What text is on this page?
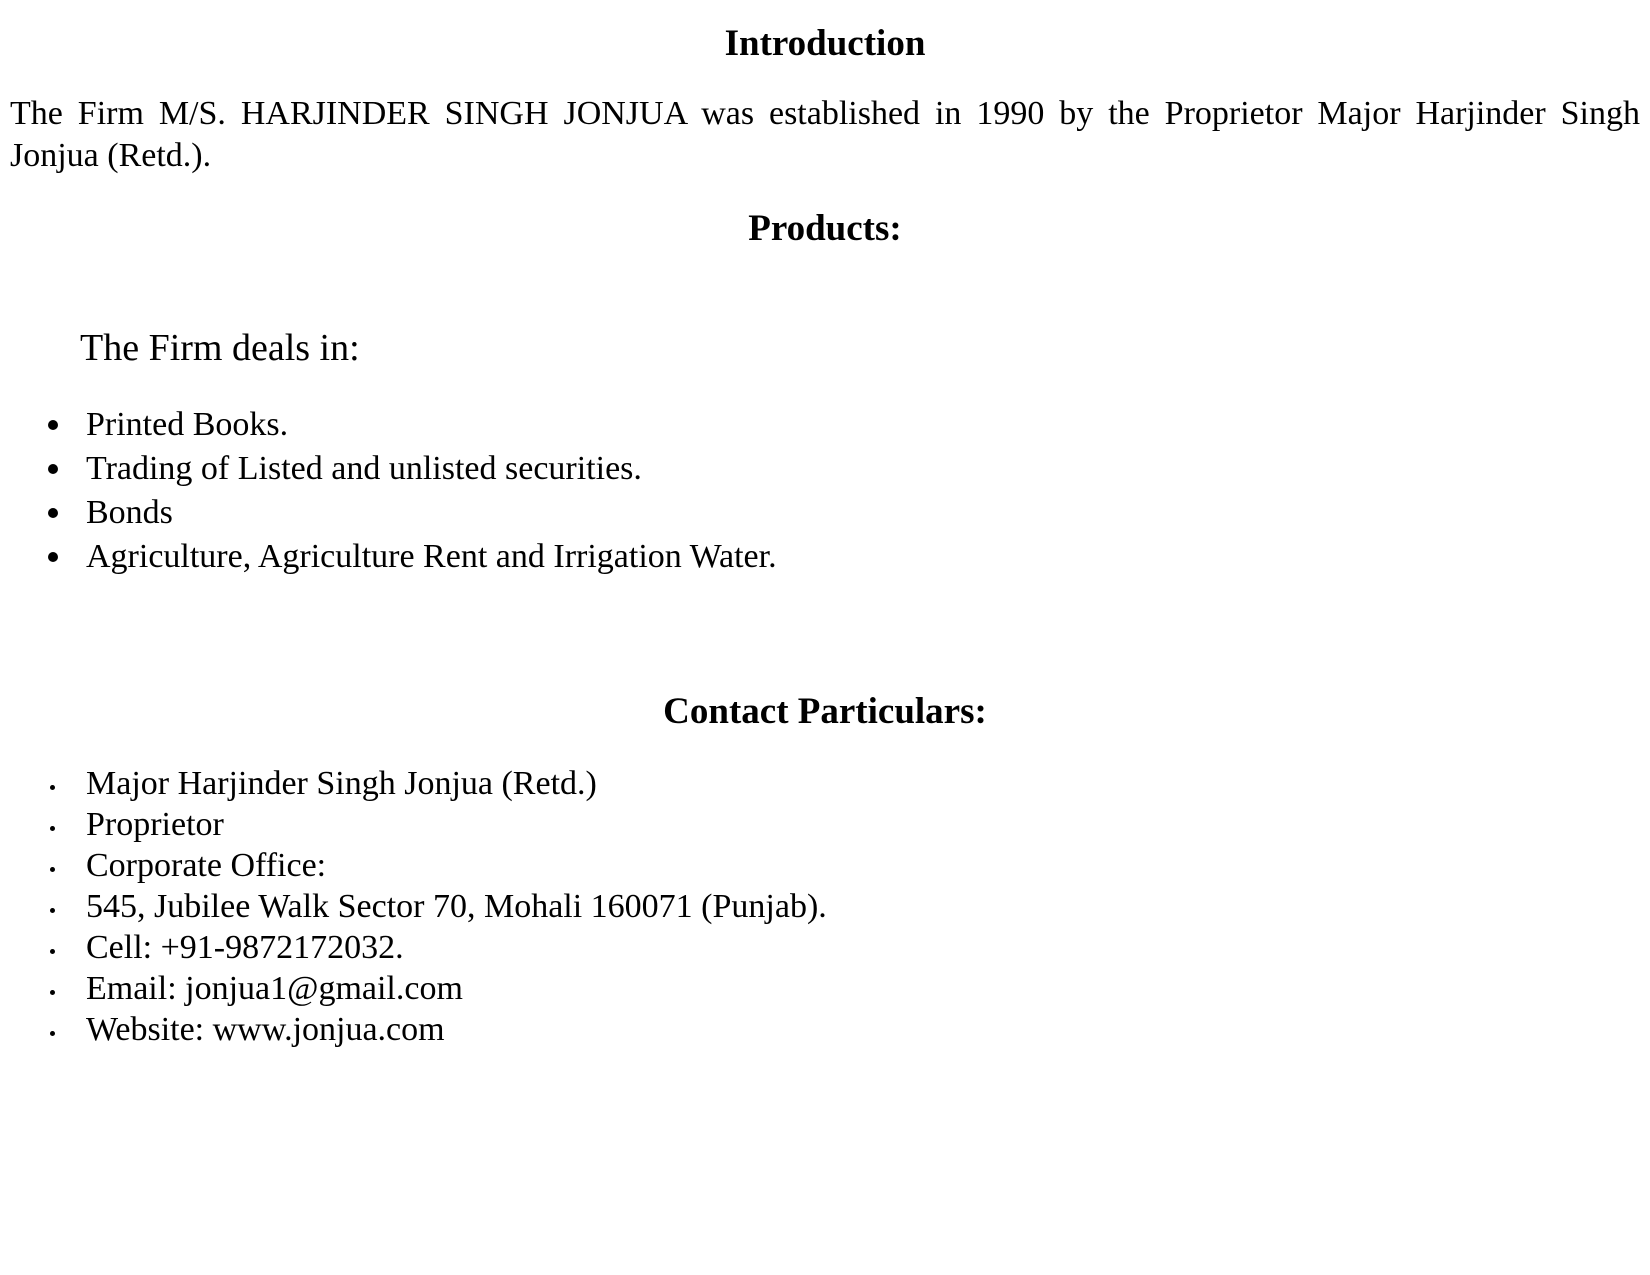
Introduction

The Firm M/S. HARJINDER SINGH JONJUA was established in 1990 by the Proprietor Major Harjinder Singh Jonjua (Retd.).

Products:

The Firm deals in:

Printed Books.
Trading of Listed and unlisted securities.
Bonds
Agriculture, Agriculture Rent and Irrigation Water.
Contact Particulars:
Major Harjinder Singh Jonjua (Retd.)
Proprietor
Corporate Office:
545, Jubilee Walk Sector 70, Mohali 160071 (Punjab).
Cell: +91-9872172032.
Email: jonjua1@gmail.com
Website: www.jonjua.com
